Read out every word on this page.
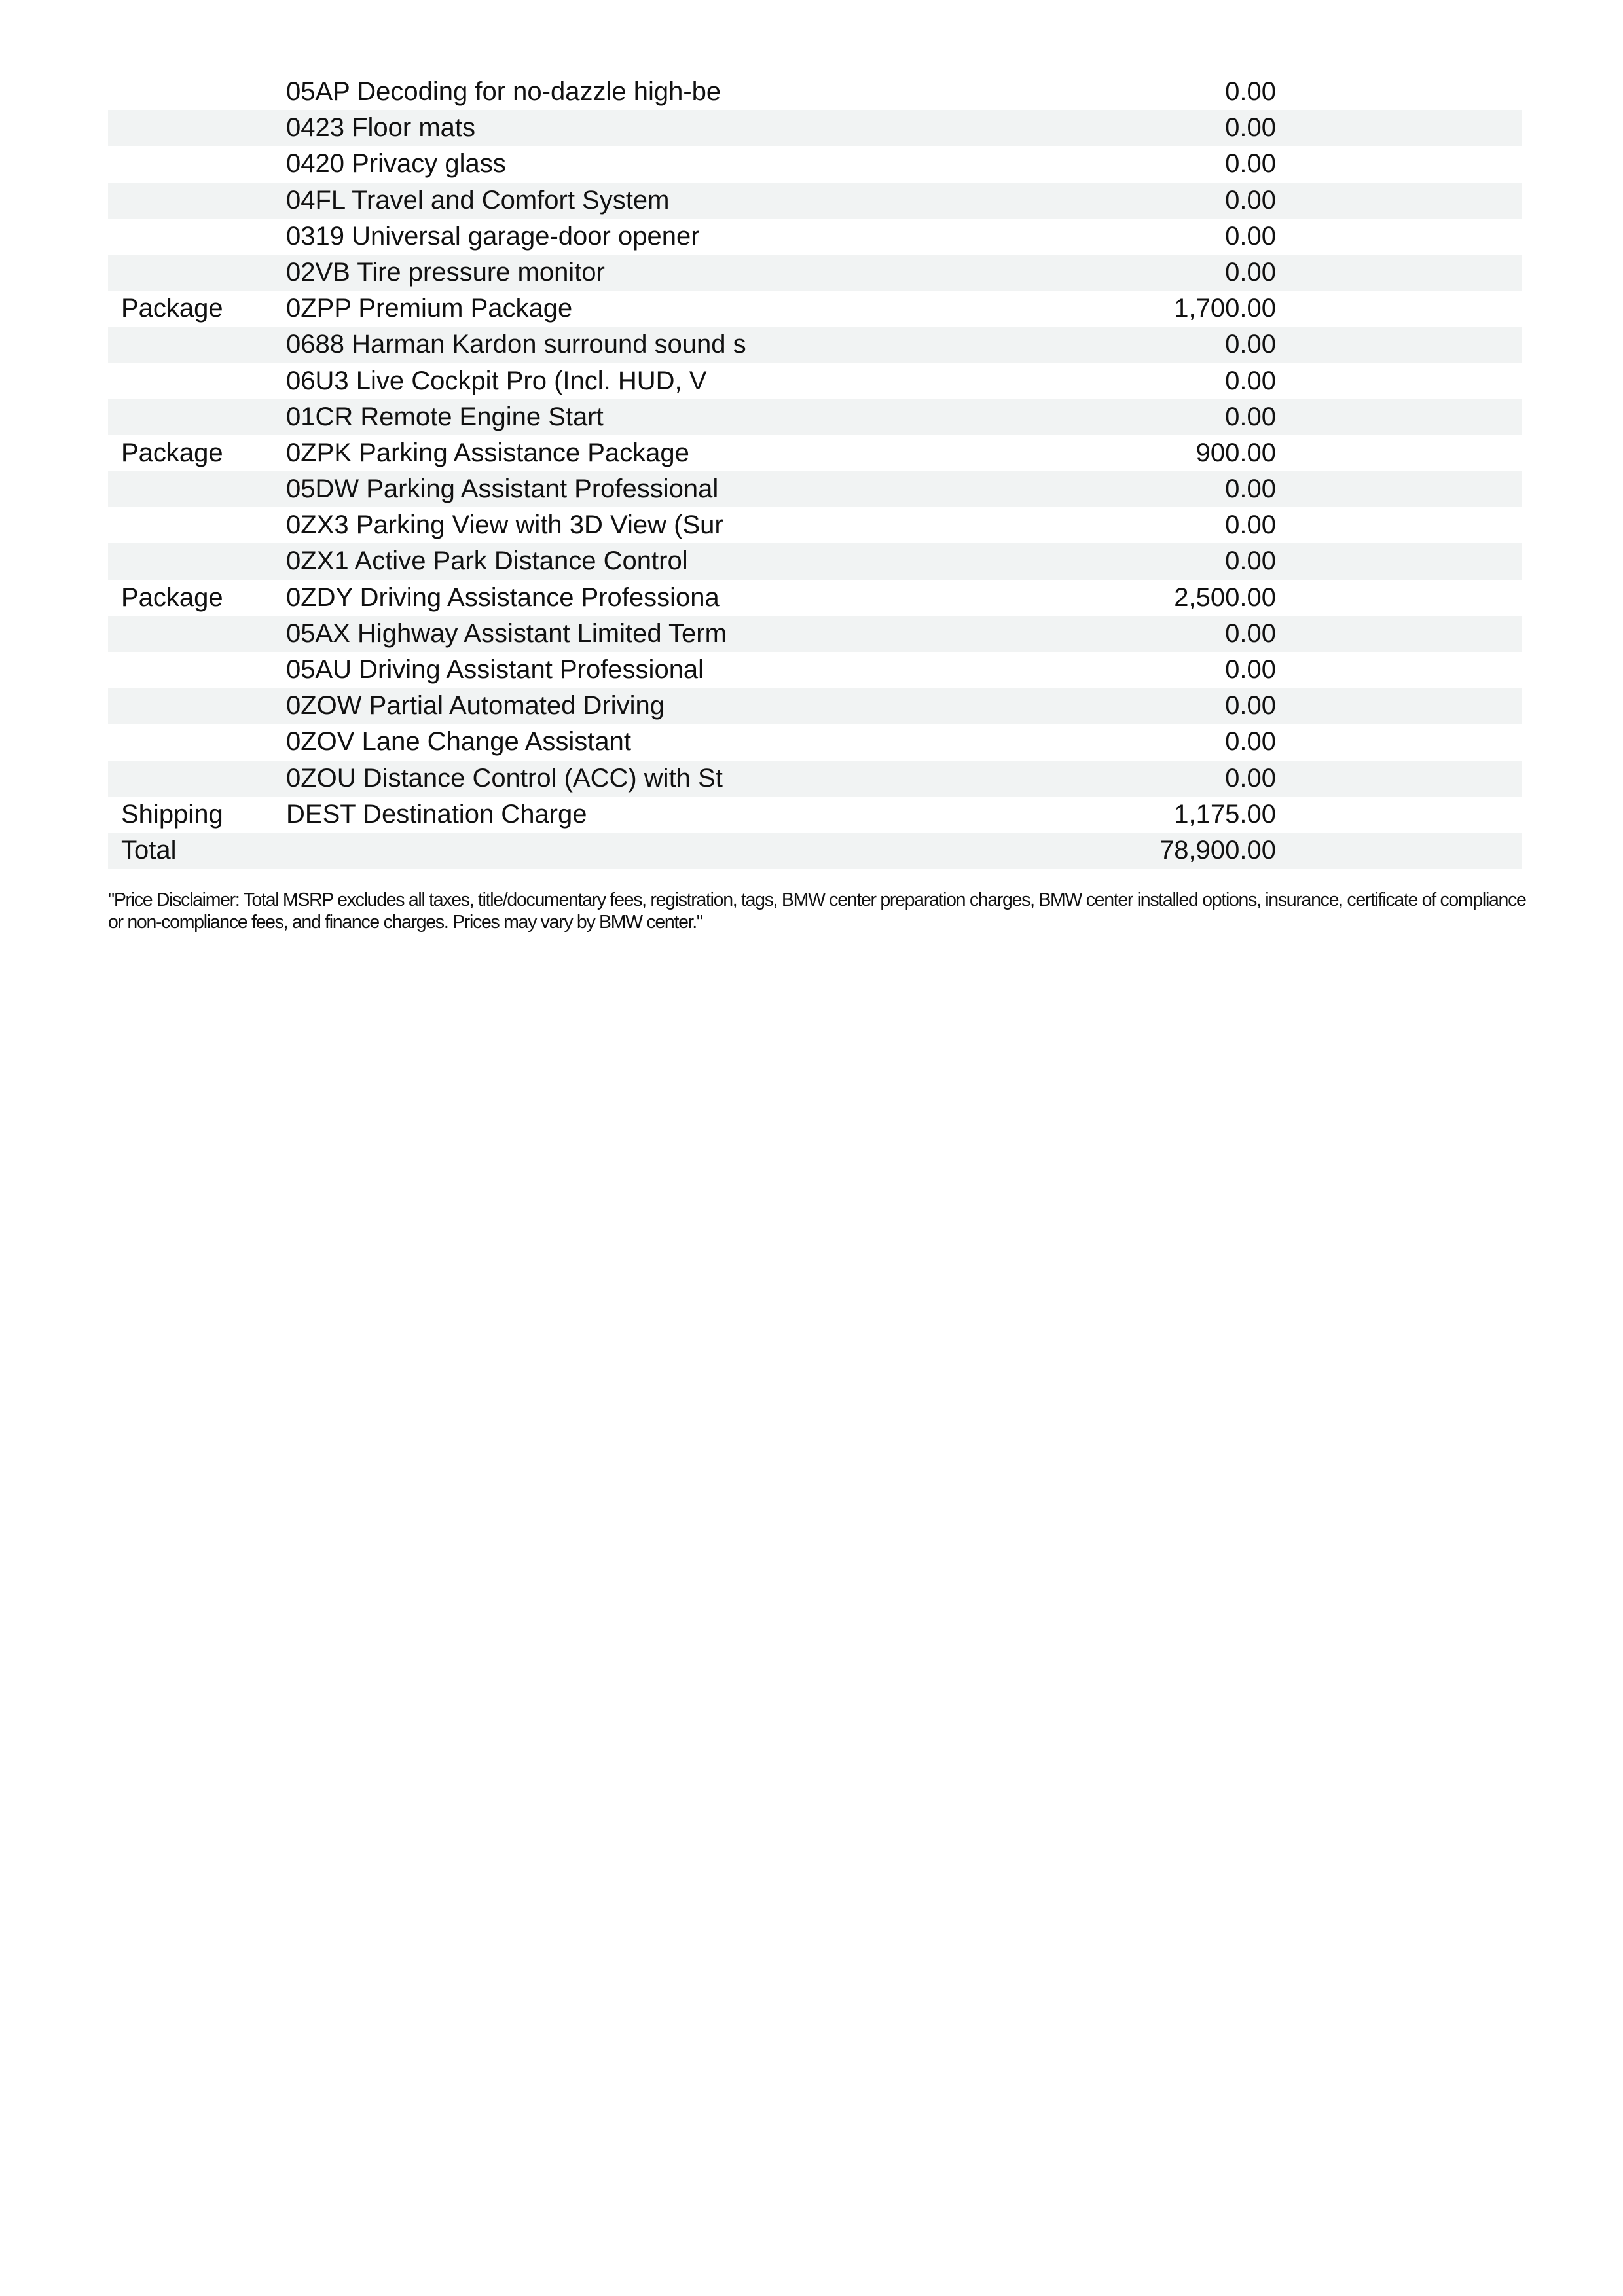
05AP Decoding for no-dazzle high-be	0.00
0423 Floor mats	0.00
0420 Privacy glass	0.00
04FL Travel and Comfort System	0.00
0319 Universal garage-door opener	0.00
02VB Tire pressure monitor	0.00
Package 0ZPP Premium Package	1,700.00
0688 Harman Kardon surround sound s	0.00
06U3 Live Cockpit Pro (Incl. HUD, V	0.00
01CR Remote Engine Start	0.00
Package 0ZPK Parking Assistance Package	900.00
05DW Parking Assistant Professional	0.00
0ZX3 Parking View with 3D View (Sur	0.00
0ZX1 Active Park Distance Control	0.00
Package 0ZDY Driving Assistance Professiona	2,500.00
05AX Highway Assistant Limited Term	0.00
05AU Driving Assistant Professional	0.00
0ZOW Partial Automated Driving	0.00
0ZOV Lane Change Assistant	0.00
0ZOU Distance Control (ACC) with St	0.00
Shipping DEST Destination Charge	1,175.00
Total	78,900.00
"Price Disclaimer: Total MSRP excludes all taxes, title/documentary fees, registration, tags, BMW center preparation charges, BMW center installed options, insurance, certificate of compliance or non-compliance fees, and finance charges. Prices may vary by BMW center."
